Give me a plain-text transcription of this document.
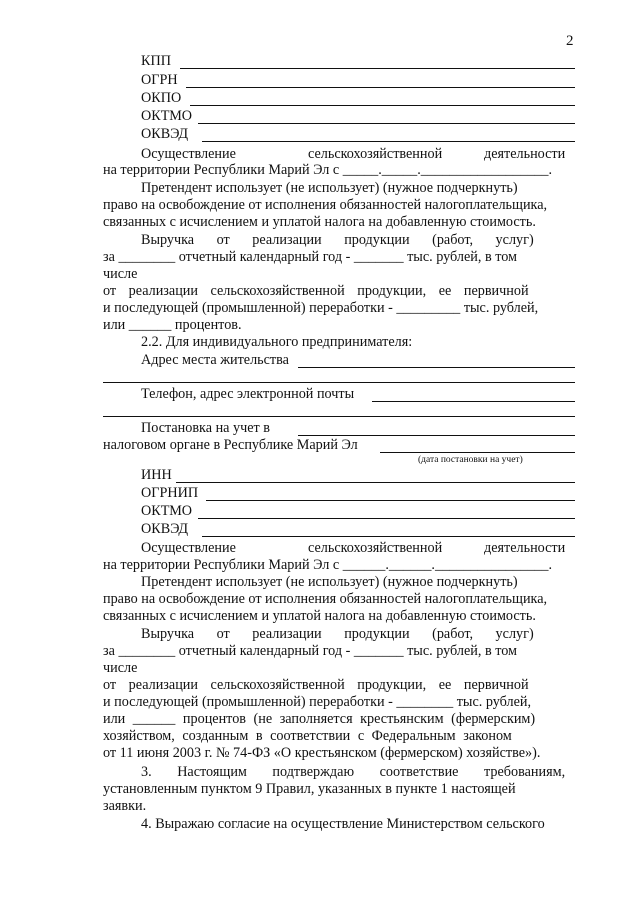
2
КПП
ОГРН
ОКПО
ОКТМО
ОКВЭД
Осуществление	сельскохозяйственной	деятельности
на территории Республики Марий Эл с _____._____.__________________.
Претендент использует (не использует) (нужное подчеркнуть)
право на освобождение от исполнения обязанностей налогоплательщика,
связанных с исчислением и уплатой налога на добавленную стоимость.
Выручка от реализации продукции (работ, услуг)
за ________ отчетный календарный год - _______ тыс. рублей, в том
числе
от реализации сельскохозяйственной продукции, ее первичной
и последующей (промышленной) переработки - _________ тыс. рублей,
или ______ процентов.
2.2. Для индивидуального предпринимателя:
Адрес места жительства
Телефон, адрес электронной почты
Постановка на учет в
налоговом органе в Республике Марий Эл
(дата постановки на учет)
ИНН
ОГРНИП
ОКТМО
ОКВЭД
Осуществление	сельскохозяйственной	деятельности
на территории Республики Марий Эл с ______.______.________________.
Претендент использует (не использует) (нужное подчеркнуть)
право на освобождение от исполнения обязанностей налогоплательщика,
связанных с исчислением и уплатой налога на добавленную стоимость.
Выручка от реализации продукции (работ, услуг)
за ________ отчетный календарный год - _______ тыс. рублей, в том
числе
от реализации сельскохозяйственной продукции, ее первичной
и последующей (промышленной) переработки - ________ тыс. рублей,
или ______ процентов (не заполняется крестьянским (фермерским)
хозяйством, созданным в соответствии с Федеральным законом
от 11 июня 2003 г. № 74-ФЗ «О крестьянском (фермерском) хозяйстве»).
3. Настоящим подтверждаю соответствие требованиям,
установленным пунктом 9 Правил, указанных в пункте 1 настоящей
заявки.
4. Выражаю согласие на осуществление Министерством сельского
